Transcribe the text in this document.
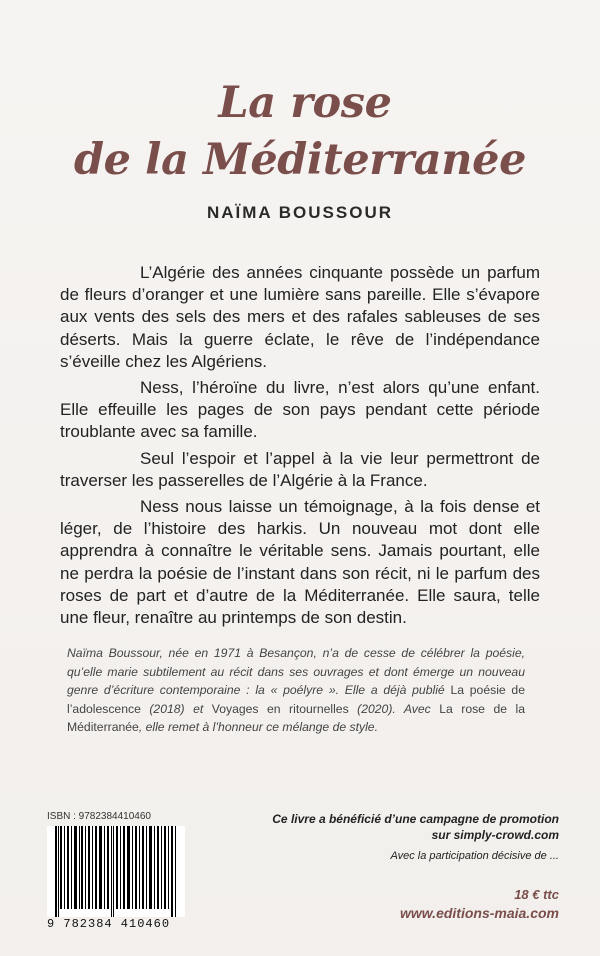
La rose
de la Méditerranée
NAÏMA BOUSSOUR

L’Algérie des années cinquante possède un parfum de fleurs d’oranger et une lumière sans pareille. Elle s’évapore aux vents des sels des mers et des rafales sableuses de ses déserts. Mais la guerre éclate, le rêve de l’indépendance s’éveille chez les Algériens.

Ness, l’héroïne du livre, n’est alors qu’une enfant. Elle effeuille les pages de son pays pendant cette période troublante avec sa famille.

Seul l’espoir et l’appel à la vie leur permettront de traverser les passerelles de l’Algérie à la France.

Ness nous laisse un témoignage, à la fois dense et léger, de l’histoire des harkis. Un nouveau mot dont elle apprendra à connaître le véritable sens. Jamais pourtant, elle ne perdra la poésie de l’instant dans son récit, ni le parfum des roses de part et d’autre de la Méditerranée. Elle saura, telle une fleur, renaître au printemps de son destin.

Naïma Boussour, née en 1971 à Besançon, n’a de cesse de célébrer la poésie, qu’elle marie subtilement au récit dans ses ouvrages et dont émerge un nouveau genre d’écriture contemporaine : la « poélyre ». Elle a déjà publié La poésie de l’adolescence (2018) et Voyages en ritournelles (2020). Avec La rose de la Méditerranée, elle remet à l’honneur ce mélange de style.
ISBN : 9782384410460
9 782384 410460
Ce livre a bénéficié d’une campagne de promotion
sur simply-crowd.com
Avec la participation décisive de ...
18 € ttc
www.editions-maia.com
